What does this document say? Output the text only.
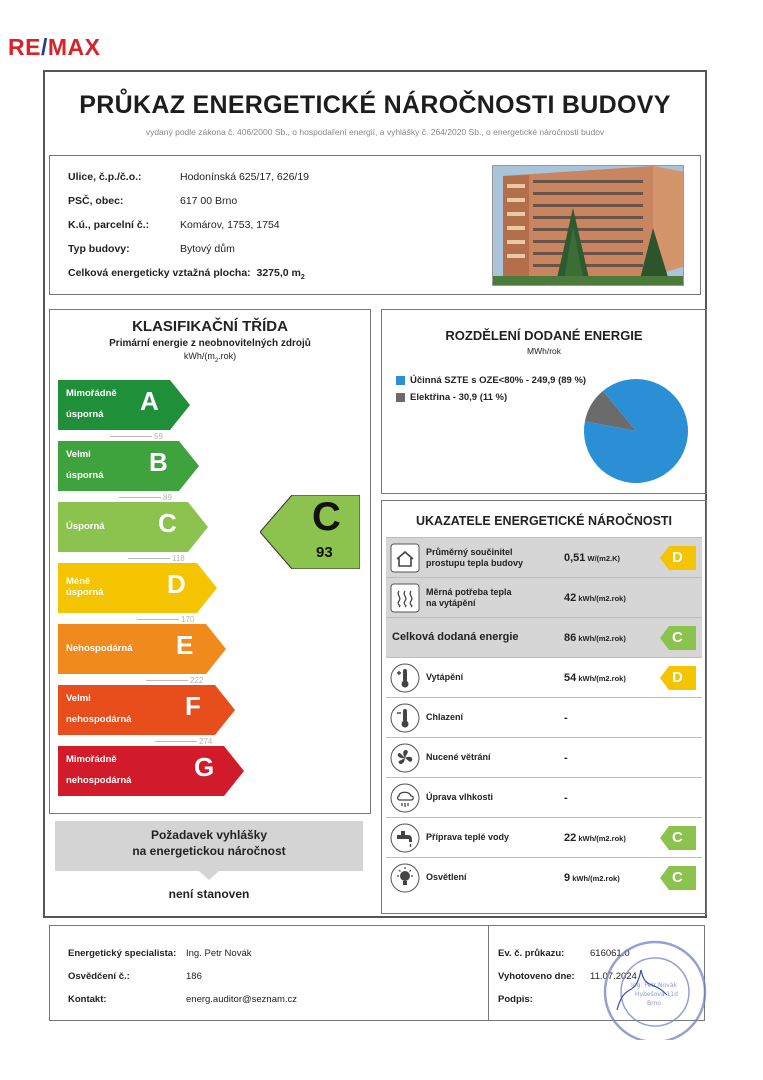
RE/MAX
PRŮKAZ ENERGETICKÉ NÁROČNOSTI BUDOVY
vydaný podle zákona č. 406/2000 Sb., o hospodaření energií, a vyhlášky č. 264/2020 Sb., o energetické náročnosti budov
Ulice, č.p./č.o.:	Hodonínská 625/17, 626/19
PSČ, obec:	617 00 Brno
K.ú., parcelní č.:	Komárov, 1753, 1754
Typ budovy:	Bytový dům
Celková energeticky vztažná plocha: 3275,0 $m_2$
KLASIFIKAČNÍ TŘÍDA
Primární energie z neobnovitelných zdrojů
kWh/$(m_2.rok)$
Mimořádně

úsporná A
59
Velmi

úsporná B
89
Úsporná C
118
Méně úsporná D
170
Nehospodárná E
222
Velmi

nehospodárná F
274
Mimořádně

nehospodárná G
C
93
Požadavek vyhlášky
na energetickou náročnost
není stanoven
ROZDĚLENÍ DODANÉ ENERGIE
MWh/rok
Účinná SZTE s OZE<80% - 249,9 (89 %)
Elektřina - 30,9 (11 %)
UKAZATELE ENERGETICKÉ NÁROČNOSTI
Průměrný součinitel
prostupu tepla budovy	0,51 W/(m2.K)	D
Měrná potřeba tepla
na vytápění	42 kWh/(m2.rok)
Celková dodaná energie	86 kWh/(m2.rok)	C
Vytápění	54 kWh/(m2.rok)	D
Chlazení	-
Nucené větrání	-
Úprava vlhkosti	-
Příprava teplé vody	22 kWh/(m2.rok)	C
Osvětlení	9 kWh/(m2.rok)	C
Energetický specialista: Ing. Petr Novák
Osvědčení č.:	186
Kontakt:	energ.auditor@seznam.cz
Ev. č. průkazu:	616061.0
Vyhotoveno dne: 11.07.2024
Podpis:
Ing. Petr Novák
Hybešova 11d
Brno
